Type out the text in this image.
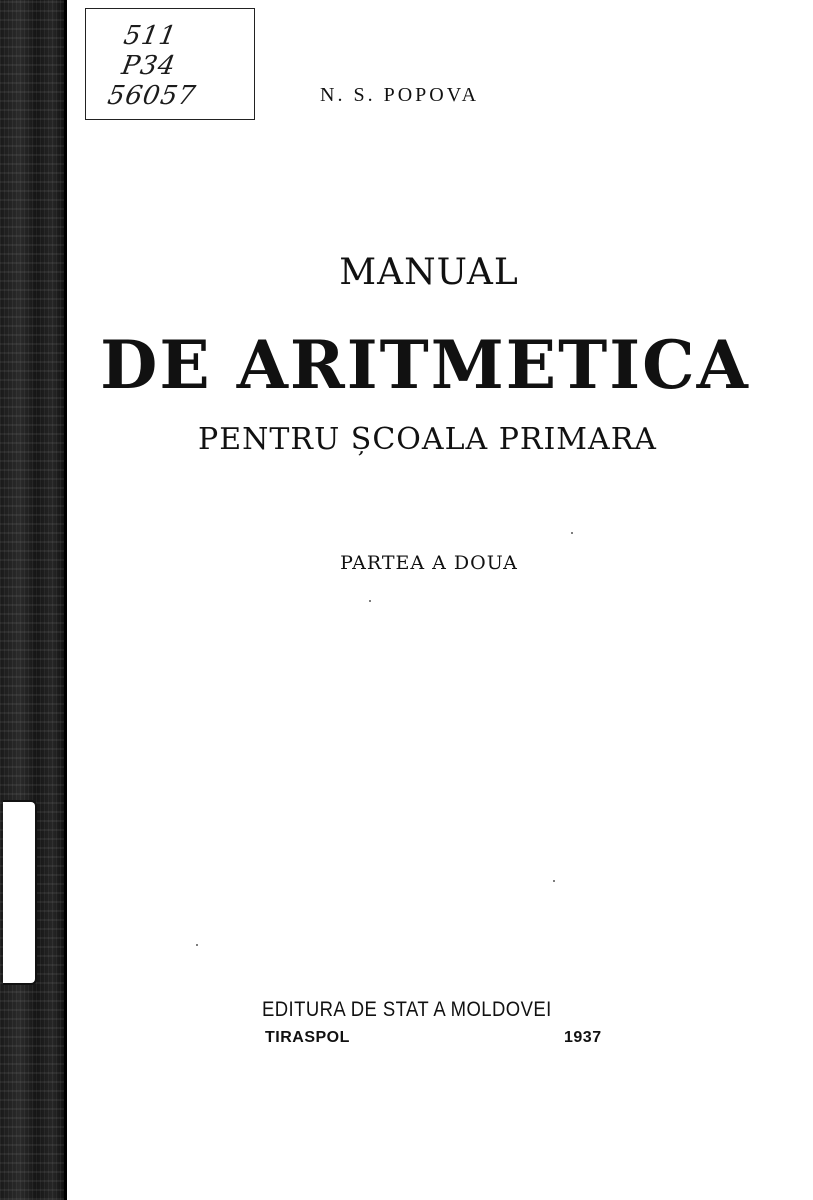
511
P34
56057	N. S. POPOVA
MANUAL
DE ARITMETICA
PENTRU ȘCOALA PRIMARA
PARTEA A DOUA
EDITURA DE STAT A MOLDOVEI
TIRASPOL	1937
